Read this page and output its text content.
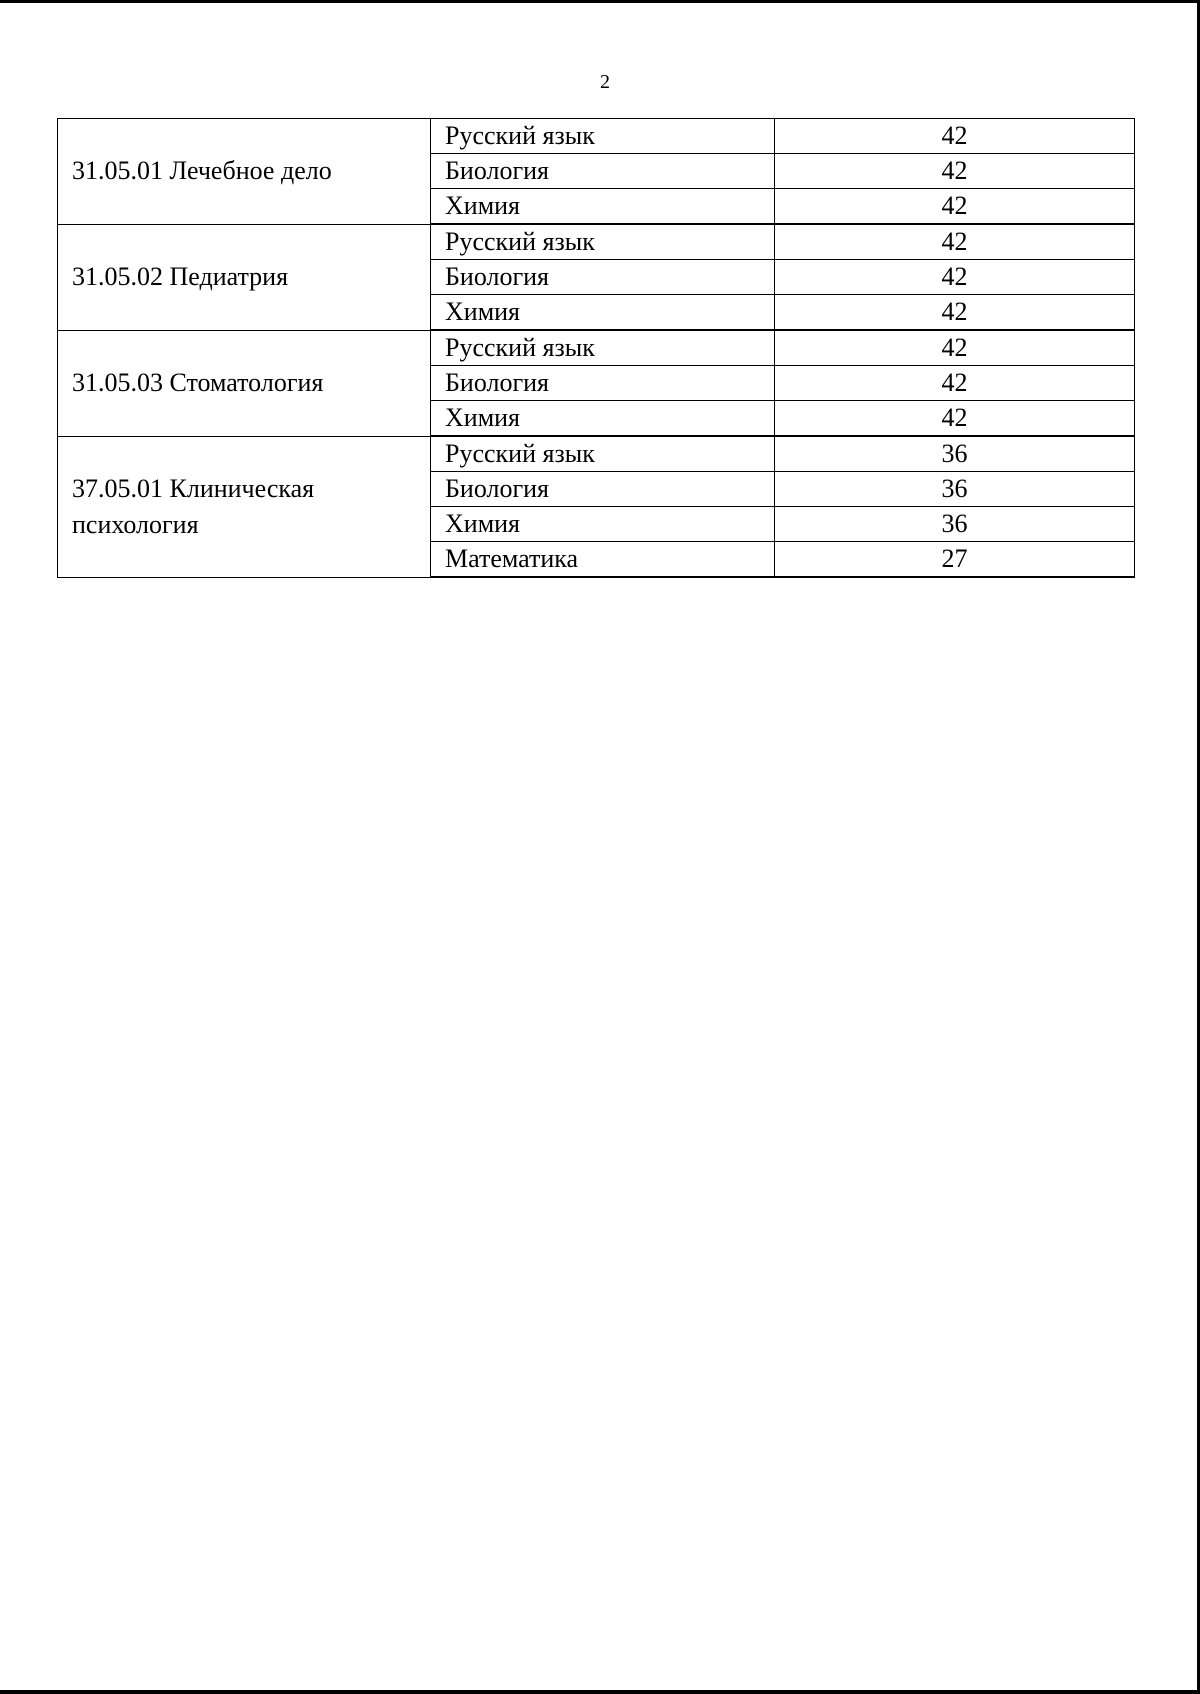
2
31.05.01 Лечебное дело	Русский язык	42
	Биология	42
	Химия	42
31.05.02 Педиатрия	Русский язык	42
	Биология	42
	Химия	42
31.05.03 Стоматология	Русский язык	42
	Биология	42
	Химия	42
37.05.01 Клиническая психология	Русский язык	36
	Биология	36
	Химия	36
	Математика	27
